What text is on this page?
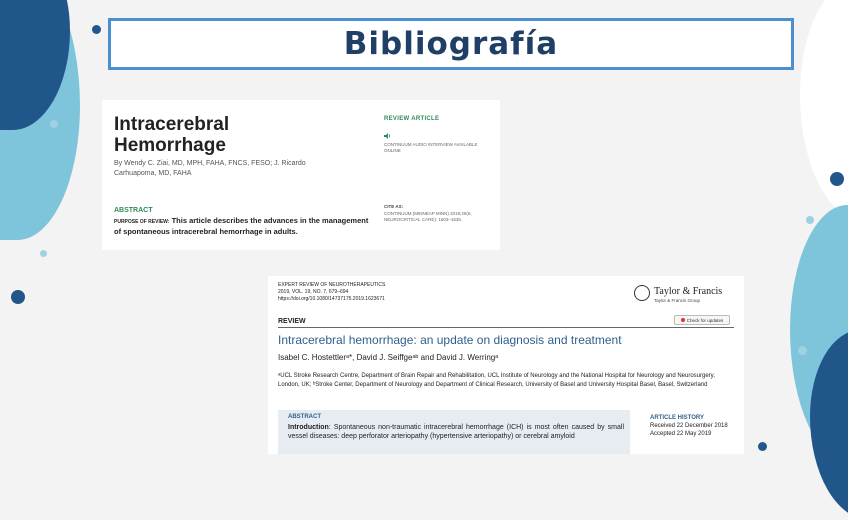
Bibliografía
Intracerebral Hemorrhage
By Wendy C. Ziai, MD, MPH, FAHA, FNCS, FESO; J. Ricardo Carhuapoma, MD, FAHA
REVIEW ARTICLE
CONTINUUM AUDIO INTERVIEW AVAILABLE ONLINE
CITE AS:
CONTINUUM (MINNEAP MINN) 2019;25(6, NEUROCRITICAL CARE): 1603–1635.
ABSTRACT
PURPOSE OF REVIEW: This article describes the advances in the management of spontaneous intracerebral hemorrhage in adults.
EXPERT REVIEW OF NEUROTHERAPEUTICS
2019, VOL. 19, NO. 7, 679–694
https://doi.org/10.1080/14737175.2019.1623671
Taylor & Francis
Taylor & Francis Group
REVIEW	Check for updates
Intracerebral hemorrhage: an update on diagnosis and treatment
Isabel C. Hostettlerᵃ*, David J. Seiffgeᵃᵇ and David J. Werringᵃ
ᵃUCL Stroke Research Centre, Department of Brain Repair and Rehabilitation, UCL Institute of Neurology and the National Hospital for Neurology and Neurosurgery, London, UK; ᵇStroke Center, Department of Neurology and Department of Clinical Research, University of Basel and University Hospital Basel, Basel, Switzerland
ABSTRACT
Introduction: Spontaneous non-traumatic intracerebral hemorrhage (ICH) is most often caused by small vessel diseases: deep perforator arteriopathy (hypertensive arteriopathy) or cerebral amyloid
ARTICLE HISTORY
Received 22 December 2018
Accepted 22 May 2019
